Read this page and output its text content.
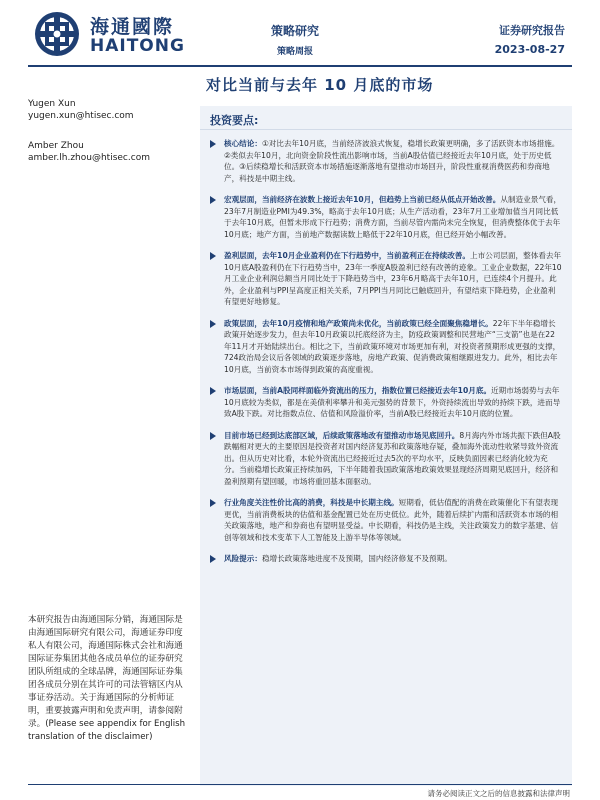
海通國際
HAITONG
策略研究
策略周报
证券研究报告
2023-08-27
对比当前与去年 10 月底的市场
Yugen Xun
yugen.xun@htisec.com
Amber Zhou
amber.lh.zhou@htisec.com
投资要点:
核心结论：①对比去年10月底，当前经济波浪式恢复，稳增长政策更明确，多了活跃资本市场措施。②类似去年10月，北向资金阶段性流出影响市场，当前A股估值已经接近去年10月底，处于历史低位。③后续稳增长和活跃资本市场措施逐渐落地有望推动市场回升，阶段性重视消费医药和券商地产，科技是中期主线。
宏观层面，当前经济在波数上接近去年10月，但趋势上当前已经从低点开始改善。从制造业景气看，23年7月制造业PMI为49.3%，略高于去年10月底；从生产活动看，23年7月工业增加值当月同比低于去年10月底，但暂未形成下行趋势；消费方面，当前尽管内需尚未完全恢复，但消费整体优于去年10月底；地产方面，当前地产数据读数上略低于22年10月底，但已经开始小幅改善。
盈利层面，去年10月企业盈利仍在下行趋势中，当前盈利正在持续改善。上市公司层面，整体看去年10月底A股盈利仍在下行趋势当中，23年一季度A股盈利已经有改善的迹象。工业企业数据，22年10月工业企业利润总额当月同比处于下降趋势当中，23年6月略高于去年10月，已连续4个月提升。此外，企业盈利与PPI呈高度正相关关系，7月PPI当月同比已触底回升，有望结束下降趋势，企业盈利有望更好地修复。
政策层面，去年10月疫情和地产政策尚未优化，当前政策已经全面聚焦稳增长。22年下半年稳增长政策开始逐步发力，但去年10月政策以托底经济为主，防疫政策调整和民营地产“三支箭”也是在22年11月才开始陆续出台。相比之下，当前政策环境对市场更加有利，对投资者预期形成更强的支撑，724政治局会议后各领域的政策逐步落地，房地产政策、促消费政策相继跟进发力。此外，相比去年10月底，当前资本市场得到政策的高度重视。
市场层面，当前A股同样面临外资流出的压力，指数位置已经接近去年10月底。近期市场弱势与去年10月底较为类似，都是在美债利率攀升和美元强势的背景下，外资持续流出导致的持续下跌，进而导致A股下跌。对比指数点位、估值和风险溢价率，当前A股已经接近去年10月底的位置。
目前市场已经到达底部区域，后续政策落地改有望推动市场见底回升。8月海内外市场共振下跌但A股跌幅相对更大的主要原因是投资者对国内经济复苏和政策落地存疑，叠加海外流动性收紧导致外资流出。但从历史对比看，本轮外资流出已经接近过去5次的平均水平，反映负面因素已经消化较为充分。当前稳增长政策正持续加码，下半年随着我国政策落地政策效果显现经济周期见底回升，经济和盈利预期有望回暖，市场将重回基本面驱动。
行业角度关注性价比高的消费，科技是中长期主线。短期看，低估值配的消费在政策催化下有望表现更优，当前消费板块的估值和基金配置已处在历史低位。此外，随着后续扩内需和活跃资本市场的相关政策落地，地产和券商也有望明显受益。中长期看，科技仍是主线，关注政策发力的数字基建、信创等领域和技术变革下人工智能及上游半导体等领域。
风险提示：稳增长政策落地进度不及预期，国内经济修复不及预期。
本研究报告由海通国际分销，海通国际是由海通国际研究有限公司，海通证券印度私人有限公司，海通国际株式会社和海通国际证券集团其他各成员单位的证券研究团队所组成的全球品牌，海通国际证券集团各成员分别在其许可的司法管辖区内从事证券活动。关于海通国际的分析师证明，重要披露声明和免责声明，请参阅附录。(Please see appendix for English translation of the disclaimer)
请务必阅读正文之后的信息披露和法律声明
